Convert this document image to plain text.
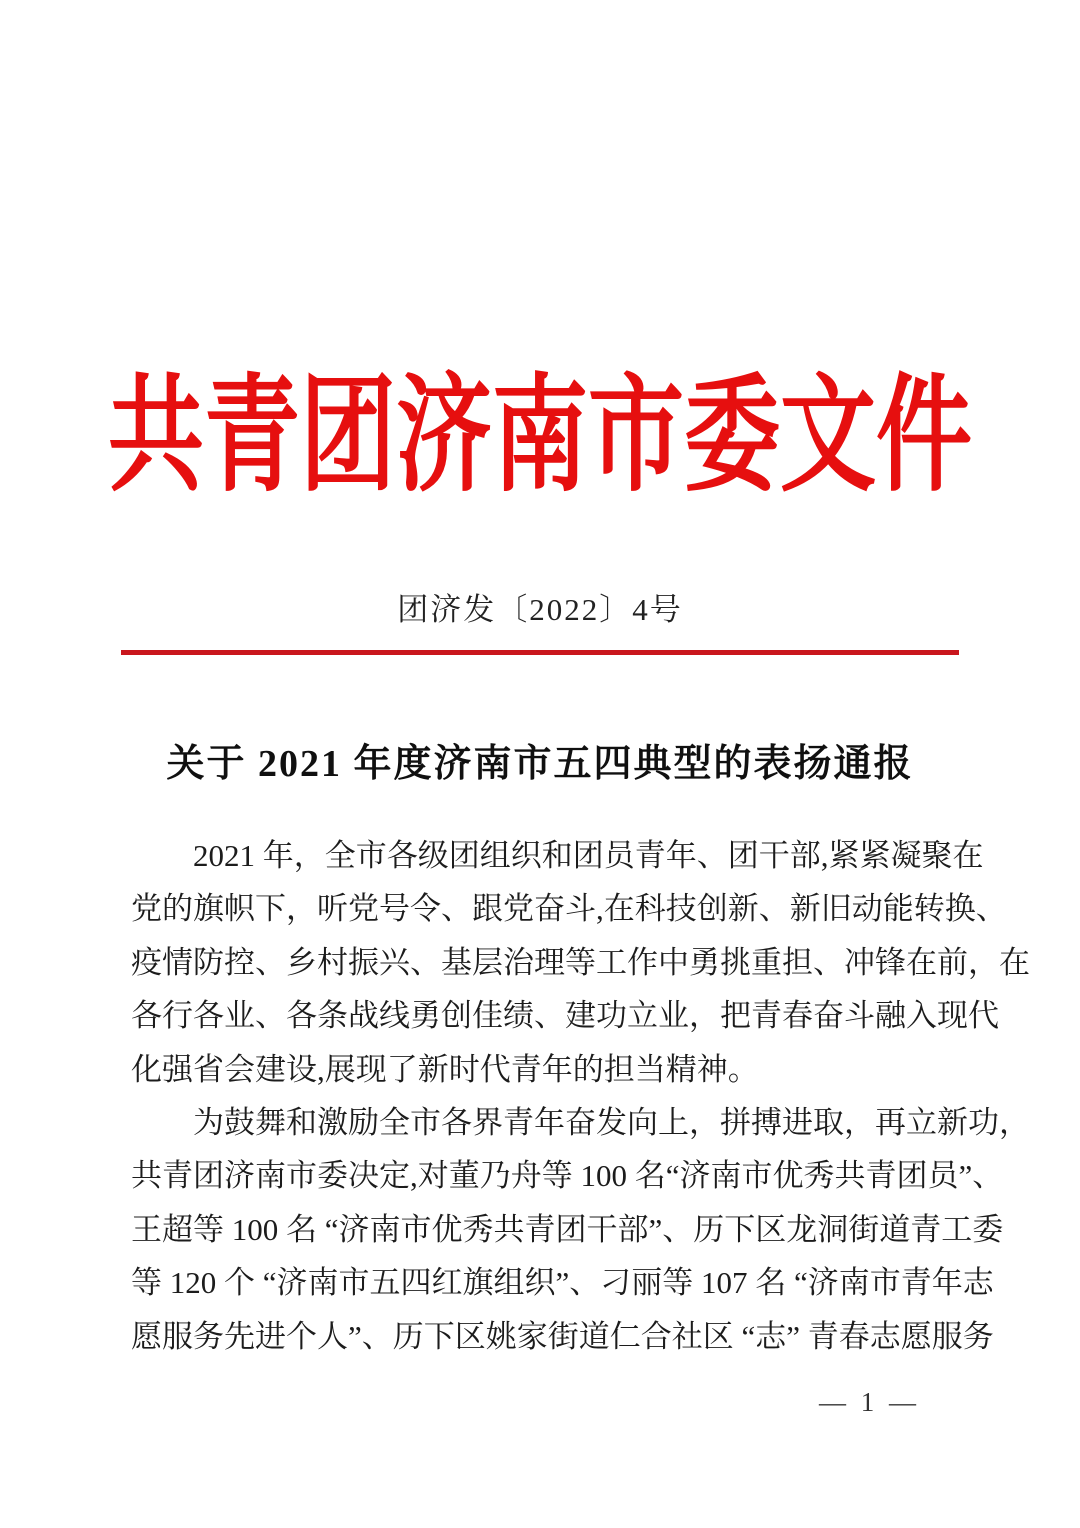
共青团济南市委文件
团济发〔2022〕4号
关于 2021 年度济南市五四典型的表扬通报
2021 年，全市各级团组织和团员青年、团干部,紧紧凝聚在
党的旗帜下，听党号令、跟党奋斗,在科技创新、新旧动能转换、
疫情防控、乡村振兴、基层治理等工作中勇挑重担、冲锋在前，在
各行各业、各条战线勇创佳绩、建功立业，把青春奋斗融入现代
化强省会建设,展现了新时代青年的担当精神。
为鼓舞和激励全市各界青年奋发向上，拼搏进取，再立新功，
共青团济南市委决定,对董乃舟等 100 名“济南市优秀共青团员”、
王超等 100 名 “济南市优秀共青团干部”、历下区龙洞街道青工委
等 120 个 “济南市五四红旗组织”、刁丽等 107 名 “济南市青年志
愿服务先进个人”、历下区姚家街道仁合社区 “志” 青春志愿服务
— 1 —
